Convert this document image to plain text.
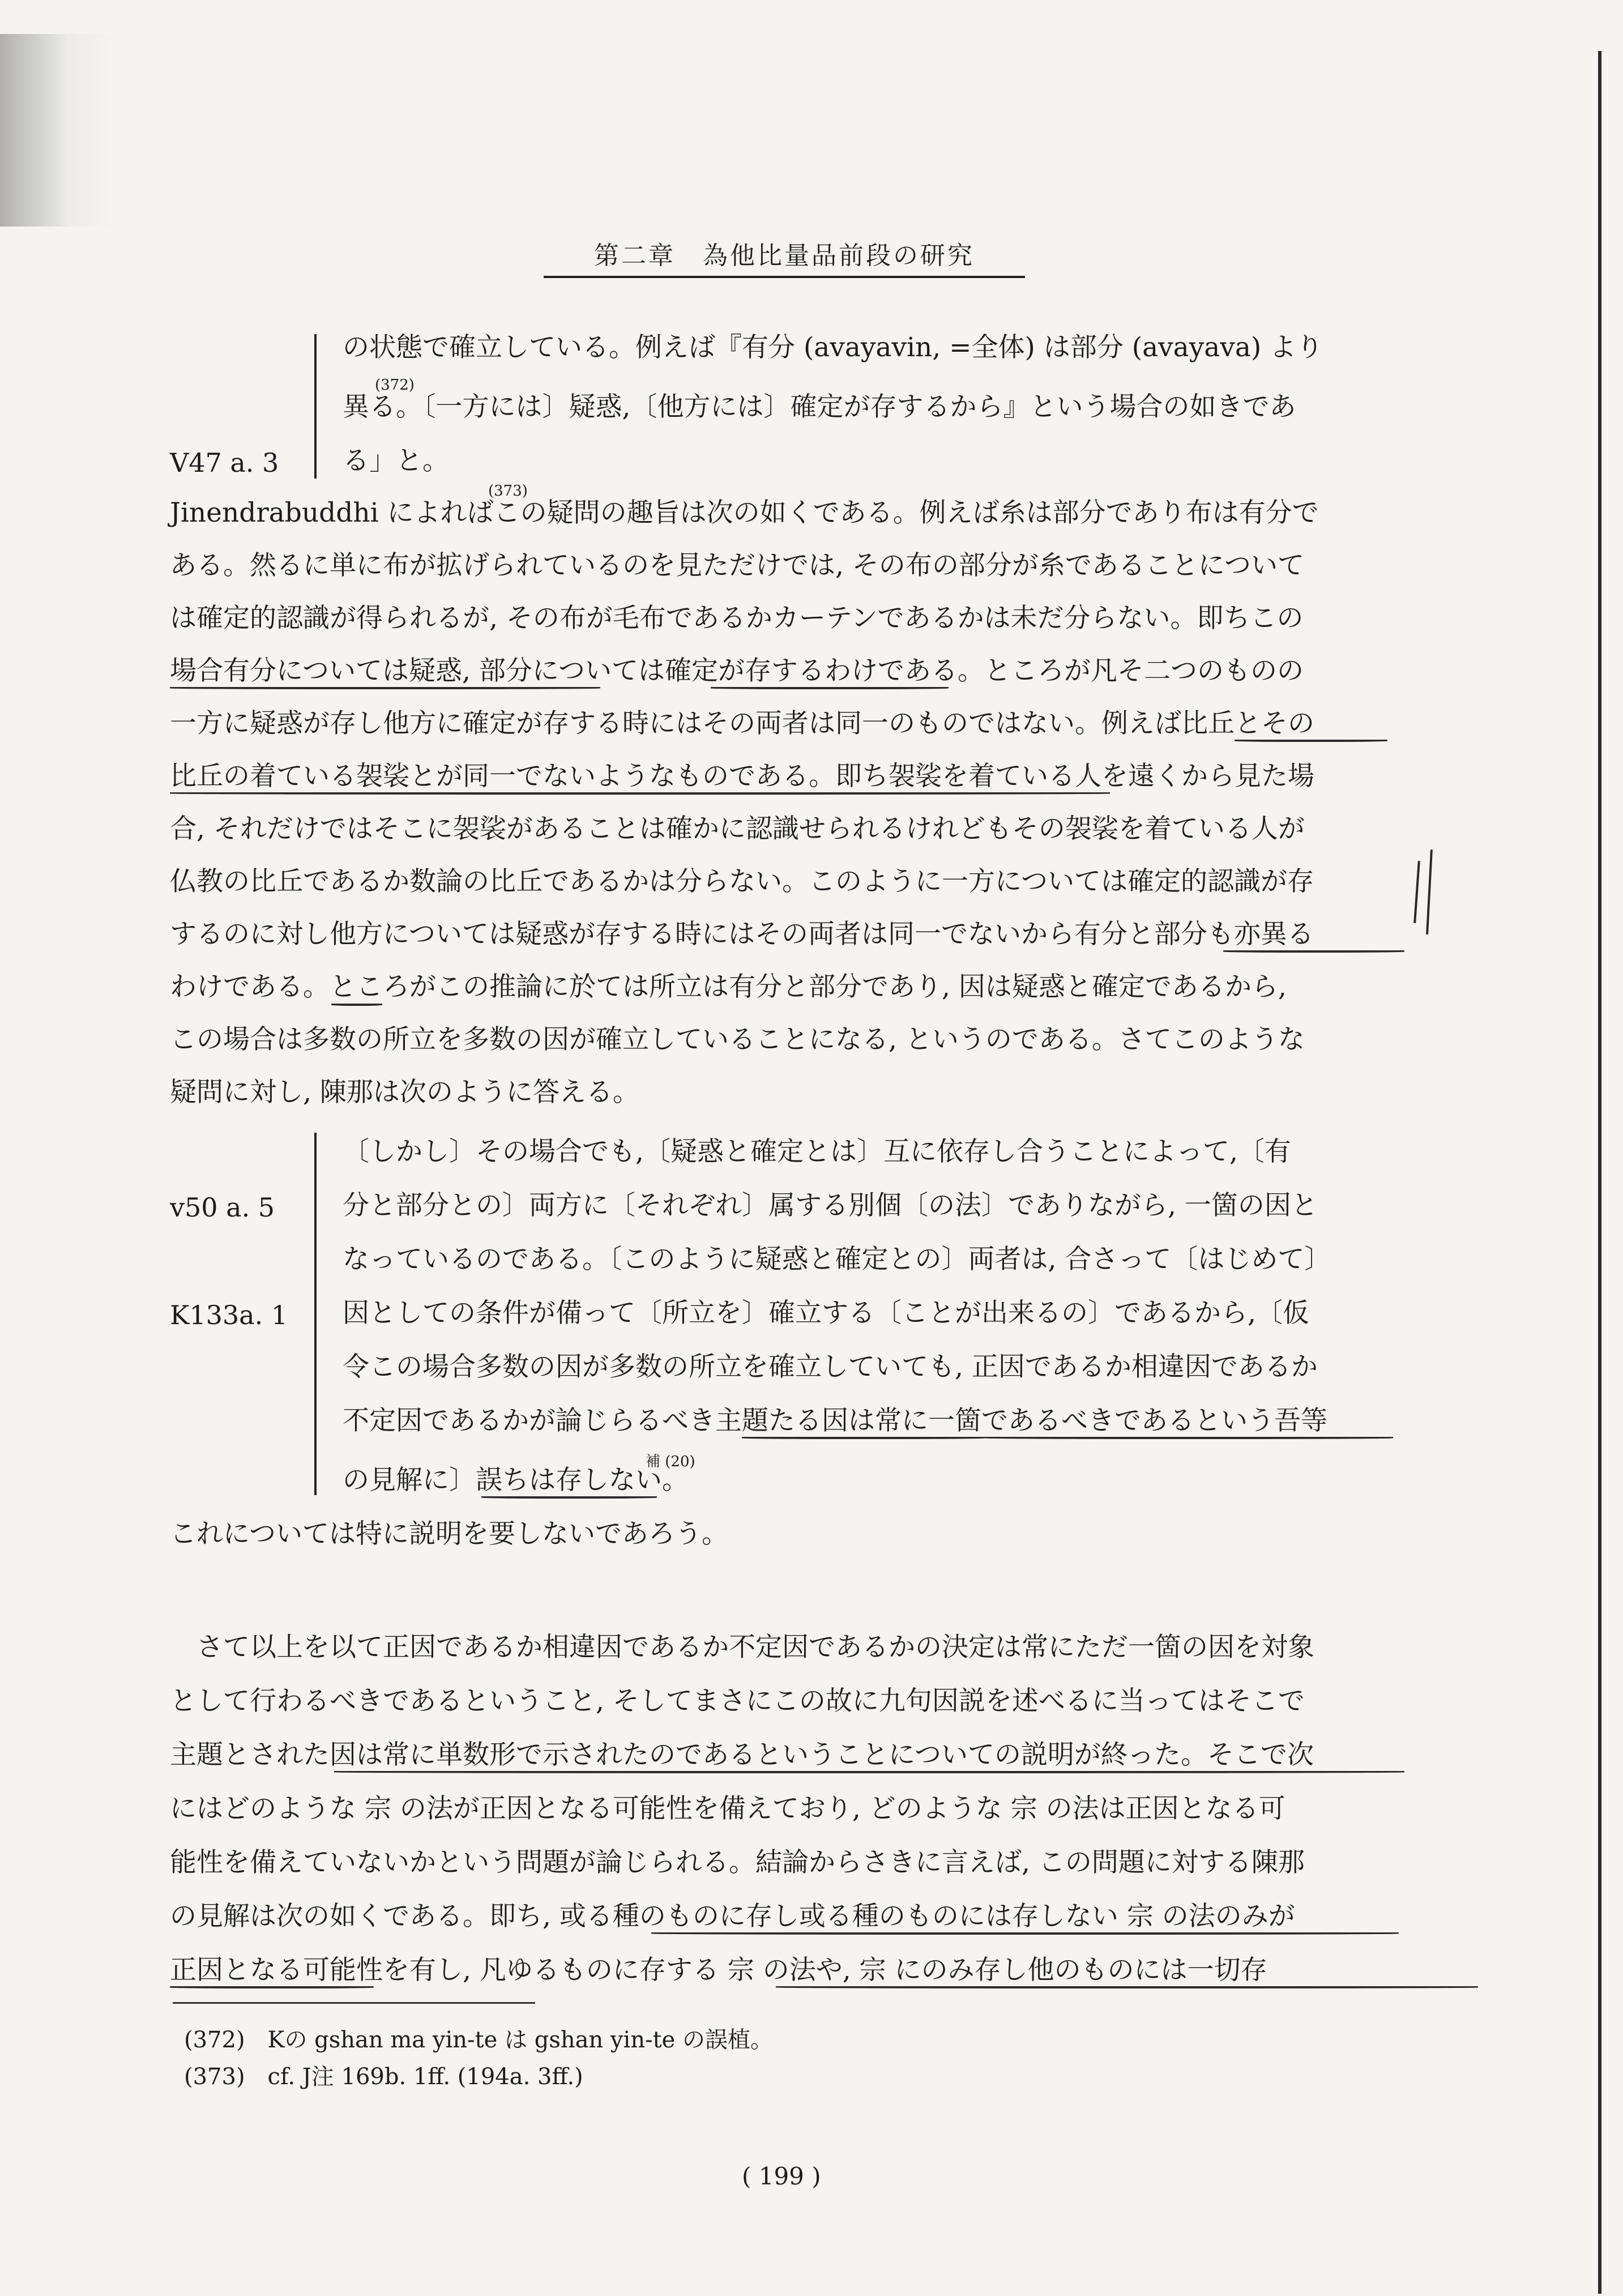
第二章　為他比量品前段の研究
の状態で確立している。例えば『有分 (avayavin, =全体) は部分 (avayava) より
(372)
異る。〔一方には〕疑惑,〔他方には〕確定が存するから』という場合の如きであ
る」と。
V47 a. 3
(373)
Jinendrabuddhi によればこの疑問の趣旨は次の如くである。例えば糸は部分であり布は有分で
ある。然るに単に布が拡げられているのを見ただけでは, その布の部分が糸であることについて
は確定的認識が得られるが, その布が毛布であるかカーテンであるかは未だ分らない。即ちこの
場合有分については疑惑, 部分については確定が存するわけである。ところが凡そ二つのものの
一方に疑惑が存し他方に確定が存する時にはその両者は同一のものではない。例えば比丘とその
比丘の着ている袈裟とが同一でないようなものである。即ち袈裟を着ている人を遠くから見た場
合, それだけではそこに袈裟があることは確かに認識せられるけれどもその袈裟を着ている人が
仏教の比丘であるか数論の比丘であるかは分らない。このように一方については確定的認識が存
するのに対し他方については疑惑が存する時にはその両者は同一でないから有分と部分も亦異る
わけである。ところがこの推論に於ては所立は有分と部分であり, 因は疑惑と確定であるから,
この場合は多数の所立を多数の因が確立していることになる, というのである。さてこのような
疑問に対し, 陳那は次のように答える。
〔しかし〕その場合でも,〔疑惑と確定とは〕互に依存し合うことによって,〔有
分と部分との〕両方に〔それぞれ〕属する別個〔の法〕でありながら, 一箇の因と
v50 a. 5
なっているのである。〔このように疑惑と確定との〕両者は, 合さって〔はじめて〕
因としての条件が備って〔所立を〕確立する〔ことが出来るの〕であるから,〔仮
K133a. 1
令この場合多数の因が多数の所立を確立していても, 正因であるか相違因であるか
不定因であるかが論じらるべき主題たる因は常に一箇であるべきであるという吾等
補 (20)
の見解に〕誤ちは存しない。
これについては特に説明を要しないであろう。
　さて以上を以て正因であるか相違因であるか不定因であるかの決定は常にただ一箇の因を対象
として行わるべきであるということ, そしてまさにこの故に九句因説を述べるに当ってはそこで
主題とされた因は常に単数形で示されたのであるということについての説明が終った。そこで次
にはどのような 宗 の法が正因となる可能性を備えており, どのような 宗 の法は正因となる可
能性を備えていないかという問題が論じられる。結論からさきに言えば, この問題に対する陳那
の見解は次の如くである。即ち, 或る種のものに存し或る種のものには存しない 宗 の法のみが
正因となる可能性を有し, 凡ゆるものに存する 宗 の法や, 宗 にのみ存し他のものには一切存
(372)　Kの gshan ma yin-te は gshan yin-te の誤植。
(373)　cf. J注 169b. 1ff. (194a. 3ff.)
( 199 )
